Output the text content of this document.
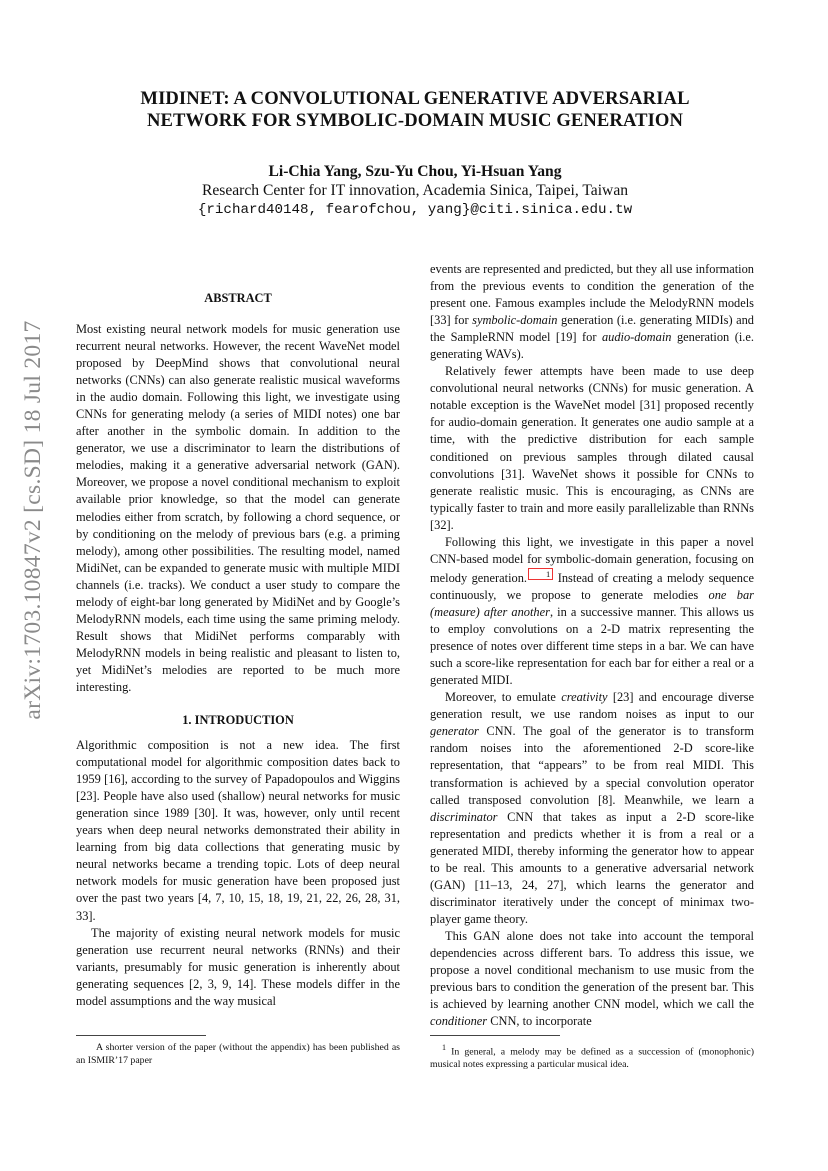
arXiv:1703.10847v2 [cs.SD] 18 Jul 2017
MIDINET: A CONVOLUTIONAL GENERATIVE ADVERSARIAL
NETWORK FOR SYMBOLIC-DOMAIN MUSIC GENERATION
Li-Chia Yang, Szu-Yu Chou, Yi-Hsuan Yang
Research Center for IT innovation, Academia Sinica, Taipei, Taiwan
{richard40148, fearofchou, yang}@citi.sinica.edu.tw
ABSTRACT

Most existing neural network models for music generation use recurrent neural networks. However, the recent WaveNet model proposed by DeepMind shows that convolutional neural networks (CNNs) can also generate realistic musical waveforms in the audio domain. Following this light, we investigate using CNNs for generating melody (a series of MIDI notes) one bar after another in the symbolic domain. In addition to the generator, we use a discriminator to learn the distributions of melodies, making it a generative adversarial network (GAN). Moreover, we propose a novel conditional mechanism to exploit available prior knowledge, so that the model can generate melodies either from scratch, by following a chord sequence, or by conditioning on the melody of previous bars (e.g. a priming melody), among other possibilities. The resulting model, named MidiNet, can be expanded to generate music with multiple MIDI channels (i.e. tracks). We conduct a user study to compare the melody of eight-bar long generated by MidiNet and by Google’s MelodyRNN models, each time using the same priming melody. Result shows that MidiNet performs comparably with MelodyRNN models in being realistic and pleasant to listen to, yet MidiNet’s melodies are reported to be much more interesting.

1. INTRODUCTION

Algorithmic composition is not a new idea. The first computational model for algorithmic composition dates back to 1959 [16], according to the survey of Papadopoulos and Wiggins [23]. People have also used (shallow) neural networks for music generation since 1989 [30]. It was, however, only until recent years when deep neural networks demonstrated their ability in learning from big data collections that generating music by neural networks became a trending topic. Lots of deep neural network models for music generation have been proposed just over the past two years [4, 7, 10, 15, 18, 19, 21, 22, 26, 28, 31, 33].

The majority of existing neural network models for music generation use recurrent neural networks (RNNs) and their variants, presumably for music generation is inherently about generating sequences [2, 3, 9, 14]. These models differ in the model assumptions and the way musical

events are represented and predicted, but they all use information from the previous events to condition the generation of the present one. Famous examples include the MelodyRNN models [33] for symbolic-domain generation (i.e. generating MIDIs) and the SampleRNN model [19] for audio-domain generation (i.e. generating WAVs).

Relatively fewer attempts have been made to use deep convolutional neural networks (CNNs) for music generation. A notable exception is the WaveNet model [31] proposed recently for audio-domain generation. It generates one audio sample at a time, with the predictive distribution for each sample conditioned on previous samples through dilated causal convolutions [31]. WaveNet shows it possible for CNNs to generate realistic music. This is encouraging, as CNNs are typically faster to train and more easily parallelizable than RNNs [32].

Following this light, we investigate in this paper a novel CNN-based model for symbolic-domain generation, focusing on melody generation. 1 Instead of creating a melody sequence continuously, we propose to generate melodies one bar (measure) after another, in a successive manner. This allows us to employ convolutions on a 2-D matrix representing the presence of notes over different time steps in a bar. We can have such a score-like representation for each bar for either a real or a generated MIDI.

Moreover, to emulate creativity [23] and encourage diverse generation result, we use random noises as input to our generator CNN. The goal of the generator is to transform random noises into the aforementioned 2-D score-like representation, that “appears” to be from real MIDI. This transformation is achieved by a special convolution operator called transposed convolution [8]. Meanwhile, we learn a discriminator CNN that takes as input a 2-D score-like representation and predicts whether it is from a real or a generated MIDI, thereby informing the generator how to appear to be real. This amounts to a generative adversarial network (GAN) [11–13, 24, 27], which learns the generator and discriminator iteratively under the concept of minimax two-player game theory.

This GAN alone does not take into account the temporal dependencies across different bars. To address this issue, we propose a novel conditional mechanism to use music from the previous bars to condition the generation of the present bar. This is achieved by learning another CNN model, which we call the conditioner CNN, to incorporate

A shorter version of the paper (without the appendix) has been published as an ISMIR’17 paper
$^1$ In general, a melody may be defined as a succession of (monophonic) musical notes expressing a particular musical idea.
